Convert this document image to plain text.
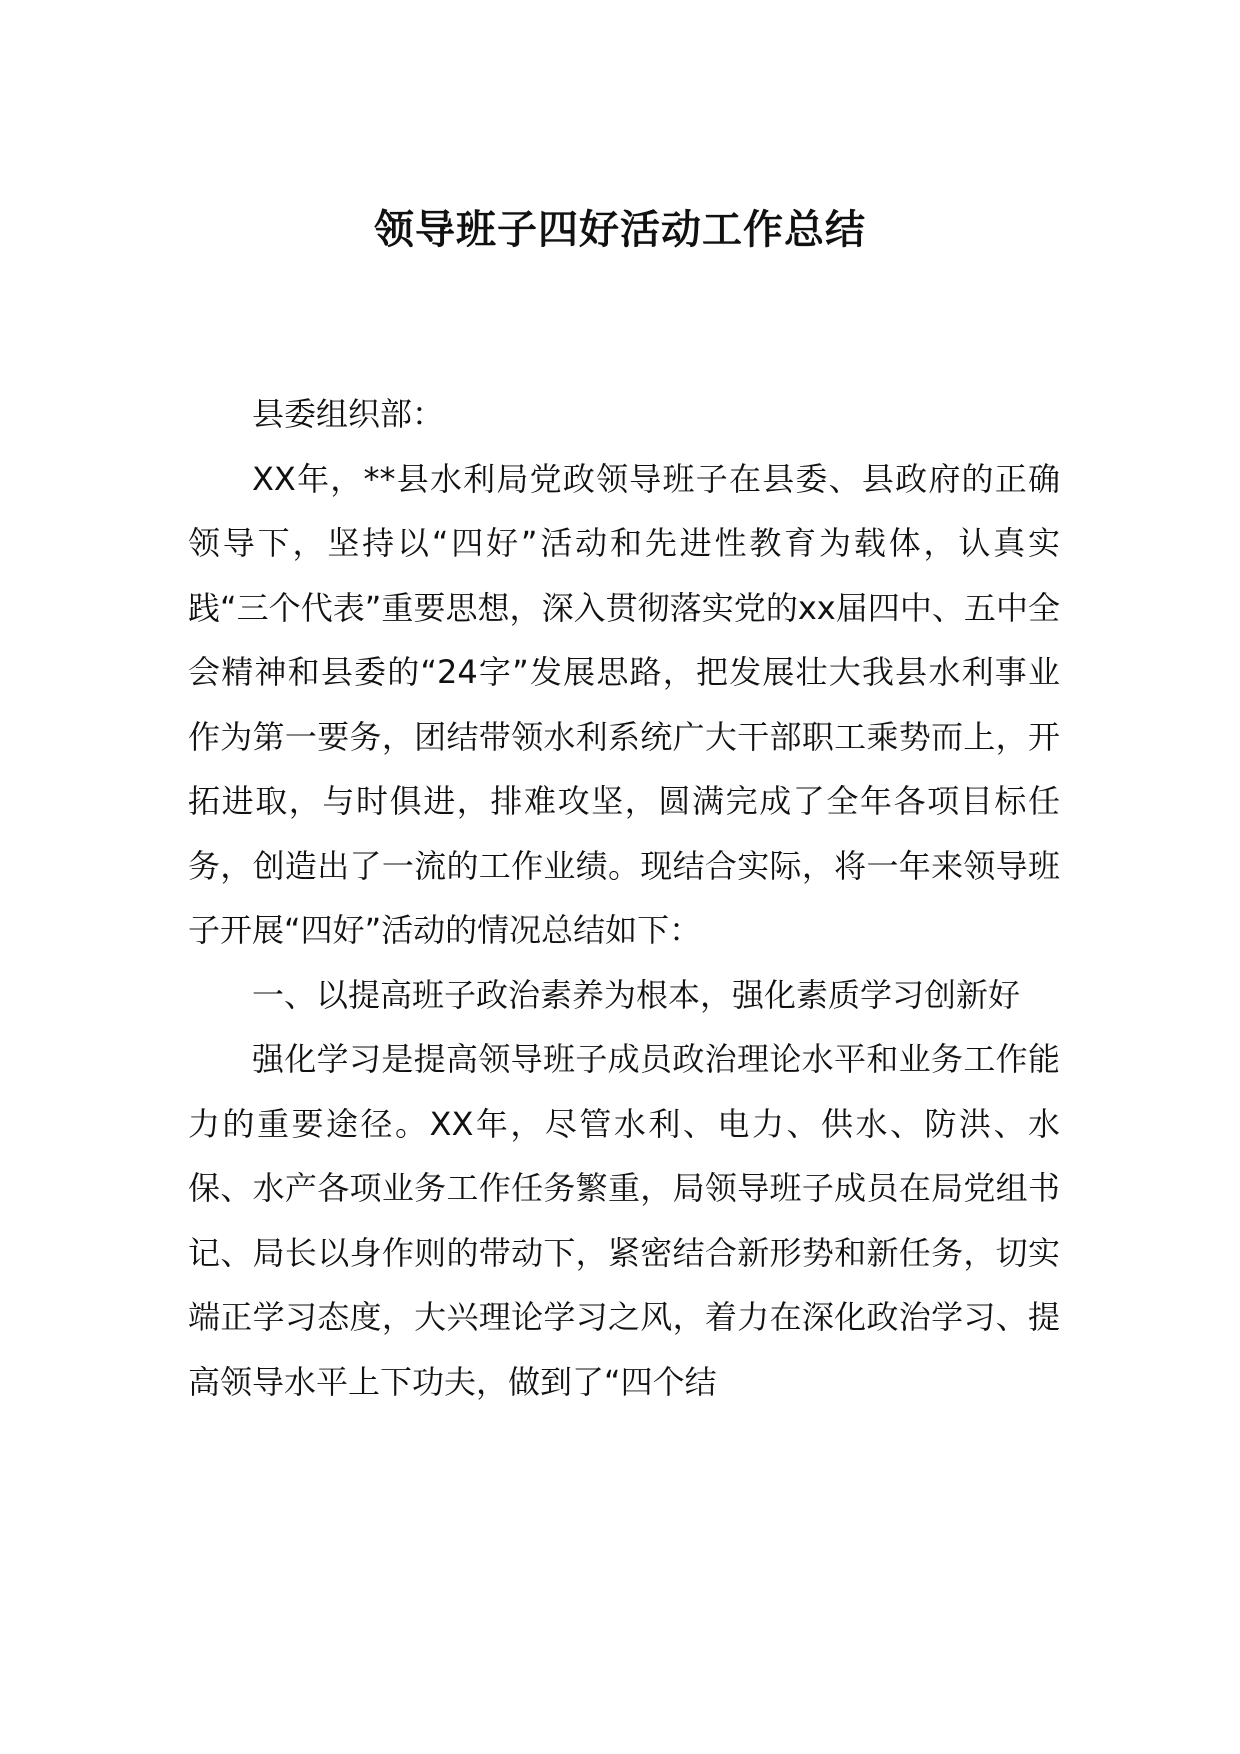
领导班子四好活动工作总结

县委组织部：

XX年，**县水利局党政领导班子在县委、县政府的正确领导下，坚持以“四好”活动和先进性教育为载体，认真实践“三个代表”重要思想，深入贯彻落实党的xx届四中、五中全会精神和县委的“24字”发展思路，把发展壮大我县水利事业作为第一要务，团结带领水利系统广大干部职工乘势而上，开拓进取，与时俱进，排难攻坚，圆满完成了全年各项目标任务，创造出了一流的工作业绩。现结合实际，将一年来领导班子开展“四好”活动的情况总结如下：

一、以提高班子政治素养为根本，强化素质学习创新好

强化学习是提高领导班子成员政治理论水平和业务工作能力的重要途径。XX年，尽管水利、电力、供水、防洪、水保、水产各项业务工作任务繁重，局领导班子成员在局党组书记、局长以身作则的带动下，紧密结合新形势和新任务，切实端正学习态度，大兴理论学习之风，着力在深化政治学习、提高领导水平上下功夫，做到了“四个结
